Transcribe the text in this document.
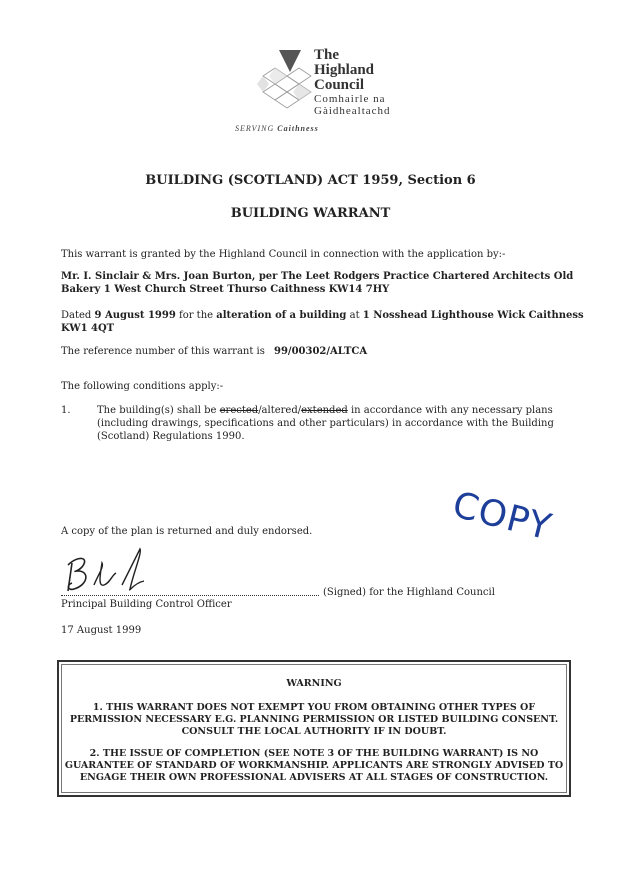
The
Highland
Council
Comhairle na
Gàidhealtachd
SERVING Caithness
BUILDING (SCOTLAND) ACT 1959, Section 6
BUILDING WARRANT
This warrant is granted by the Highland Council in connection with the application by:-
Mr. I. Sinclair & Mrs. Joan Burton, per The Leet Rodgers Practice Chartered Architects Old
Bakery 1 West Church Street Thurso Caithness KW14 7HY
Dated 9 August 1999 for the alteration of a building at 1 Nosshead Lighthouse Wick Caithness
KW1 4QT
The reference number of this warrant is 99/00302/ALTCA
The following conditions apply:-
1.	The building(s) shall be erected/altered/extended in accordance with any necessary plans
(including drawings, specifications and other particulars) in accordance with the Building
(Scotland) Regulations 1990.
COPY
A copy of the plan is returned and duly endorsed.
(Signed) for the Highland Council
Principal Building Control Officer
17 August 1999
WARNING
1. THIS WARRANT DOES NOT EXEMPT YOU FROM OBTAINING OTHER TYPES OF
PERMISSION NECESSARY E.G. PLANNING PERMISSION OR LISTED BUILDING CONSENT.
CONSULT THE LOCAL AUTHORITY IF IN DOUBT.
2. THE ISSUE OF COMPLETION (SEE NOTE 3 OF THE BUILDING WARRANT) IS NO
GUARANTEE OF STANDARD OF WORKMANSHIP. APPLICANTS ARE STRONGLY ADVISED TO
ENGAGE THEIR OWN PROFESSIONAL ADVISERS AT ALL STAGES OF CONSTRUCTION.
